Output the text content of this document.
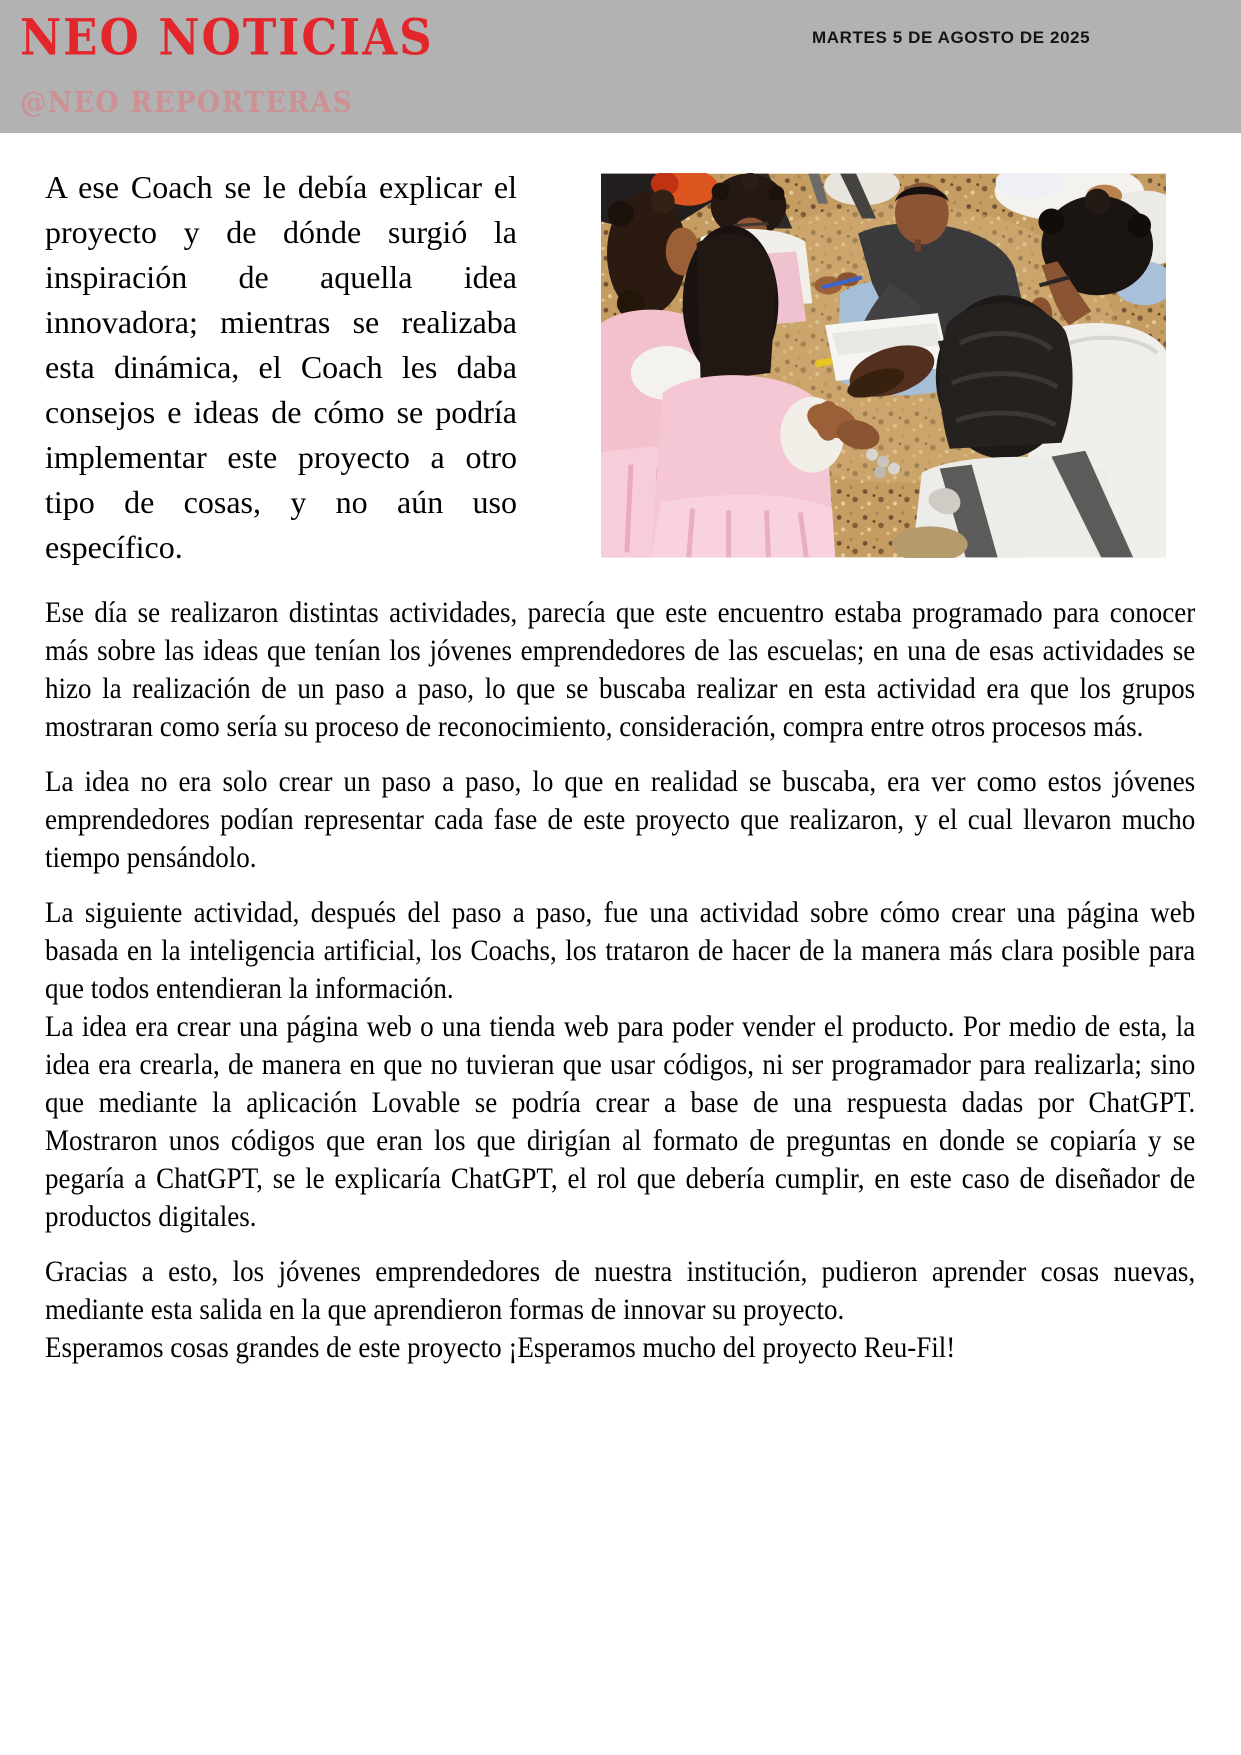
NEO NOTICIAS	MARTES 5 DE AGOSTO DE 2025
@NEO REPORTERAS

A ese Coach se le debía explicar el proyecto y de dónde surgió la inspiración de aquella idea innovadora; mientras se realizaba esta dinámica, el Coach les daba consejos e ideas de cómo se podría implementar este proyecto a otro tipo de cosas, y no aún uso específico.

Ese día se realizaron distintas actividades, parecía que este encuentro estaba programado para conocer más sobre las ideas que tenían los jóvenes emprendedores de las escuelas; en una de esas actividades se hizo la realización de un paso a paso, lo que se buscaba realizar en esta actividad era que los grupos mostraran como sería su proceso de reconocimiento, consideración, compra entre otros procesos más.

La idea no era solo crear un paso a paso, lo que en realidad se buscaba, era ver como estos jóvenes emprendedores podían representar cada fase de este proyecto que realizaron, y el cual llevaron mucho tiempo pensándolo.

La siguiente actividad, después del paso a paso, fue una actividad sobre cómo crear una página web basada en la inteligencia artificial, los Coachs, los trataron de hacer de la manera más clara posible para que todos entendieran la información.

La idea era crear una página web o una tienda web para poder vender el producto. Por medio de esta, la idea era crearla, de manera en que no tuvieran que usar códigos, ni ser programador para realizarla; sino que mediante la aplicación Lovable se podría crear a base de una respuesta dadas por ChatGPT. Mostraron unos códigos que eran los que dirigían al formato de preguntas en donde se copiaría y se pegaría a ChatGPT, se le explicaría ChatGPT, el rol que debería cumplir, en este caso de diseñador de productos digitales.

Gracias a esto, los jóvenes emprendedores de nuestra institución, pudieron aprender cosas nuevas, mediante esta salida en la que aprendieron formas de innovar su proyecto.

Esperamos cosas grandes de este proyecto ¡Esperamos mucho del proyecto Reu-Fil!
